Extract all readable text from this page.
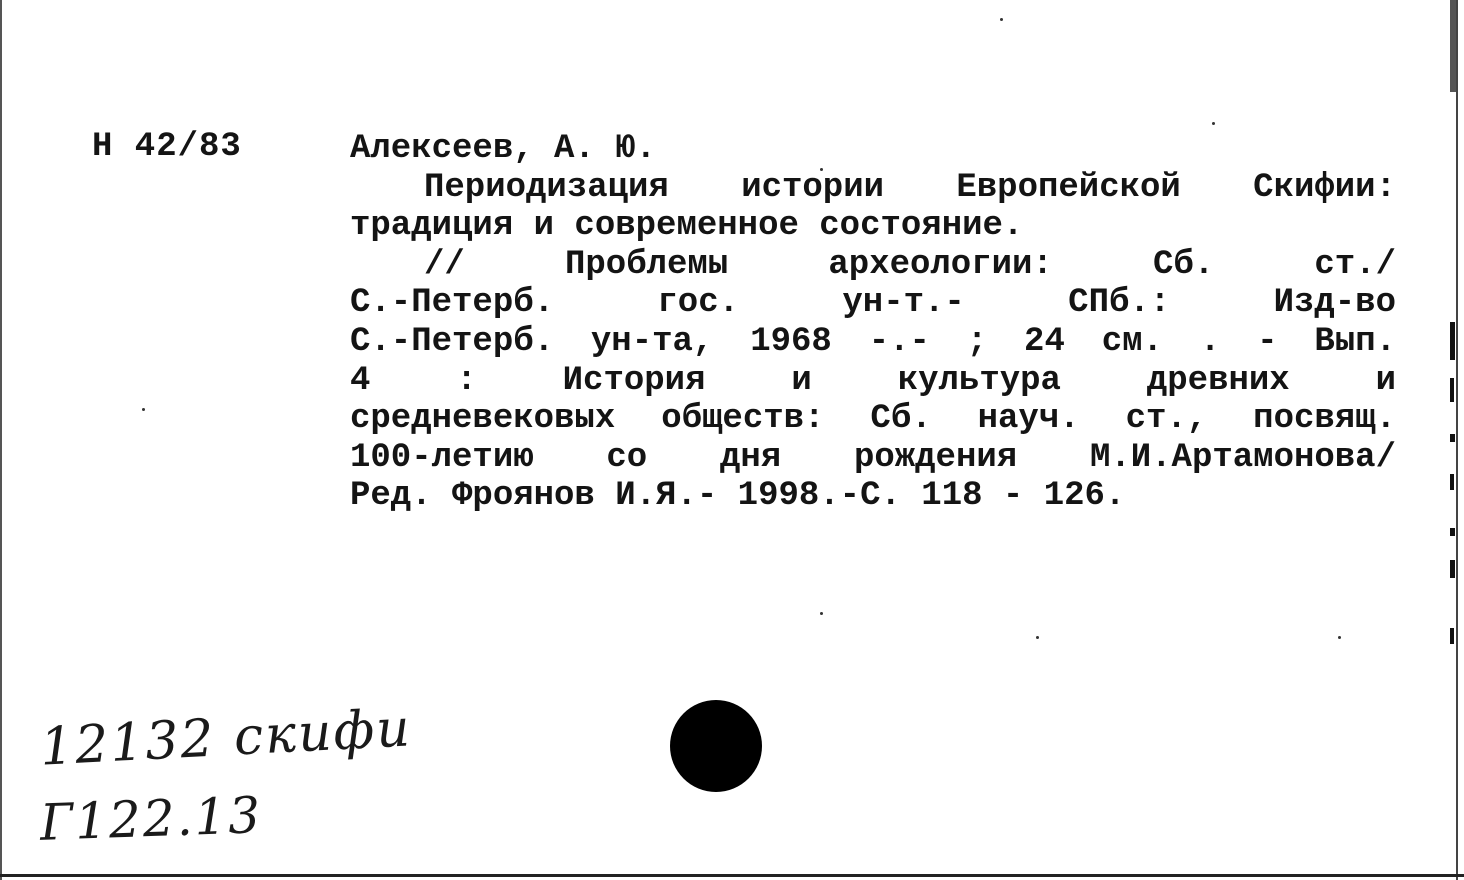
Н 42/83	Алексеев, А. Ю.
Периодизация истории Европейской Скифии:
традиция и современное состояние.
// Проблемы археологии: Сб. ст./
С.-Петерб. гос. ун-т.- СПб.: Изд-во
С.-Петерб. ун-та, 1968 -.- ; 24 см. . - Вып.
4 : История и культура древних и
средневековых обществ: Сб. науч. ст., посвящ.
100-летию со дня рождения М.И.Артамонова/
Ред. Фроянов И.Я.- 1998.-С. 118 - 126.
12132 скифи
Г122.13
